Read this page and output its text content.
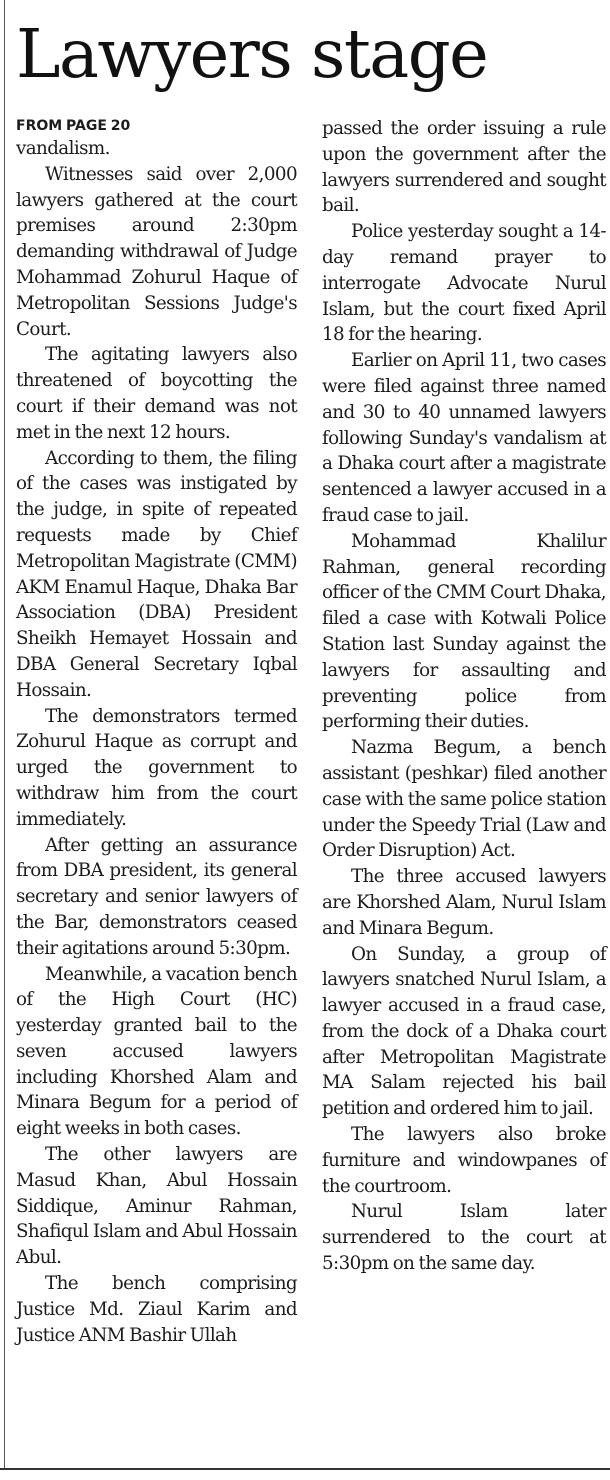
Lawyers stage

FROM PAGE 20

vandalism.

Witnesses said over 2,000 lawyers gathered at the court premises around 2:30pm demanding withdrawal of Judge Mohammad Zohurul Haque of Metropolitan Sessions Judge's Court.

The agitating lawyers also threatened of boycotting the court if their demand was not met in the next 12 hours.

According to them, the filing of the cases was instigated by the judge, in spite of repeated requests made by Chief Metropolitan Magistrate (CMM) AKM Enamul Haque, Dhaka Bar Association (DBA) President Sheikh Hemayet Hossain and DBA General Secretary Iqbal Hossain.

The demonstrators termed Zohurul Haque as corrupt and urged the government to withdraw him from the court immediately.

After getting an assurance from DBA president, its general secretary and senior lawyers of the Bar, demonstrators ceased their agitations around 5:30pm.

Meanwhile, a vacation bench of the High Court (HC) yesterday granted bail to the seven accused lawyers including Khorshed Alam and Minara Begum for a period of eight weeks in both cases.

The other lawyers are Masud Khan, Abul Hossain Siddique, Aminur Rahman, Shafiqul Islam and Abul Hossain Abul.

The bench comprising Justice Md. Ziaul Karim and Justice ANM Bashir Ullah

passed the order issuing a rule upon the government after the lawyers surrendered and sought bail.

Police yesterday sought a 14-day remand prayer to interrogate Advocate Nurul Islam, but the court fixed April 18 for the hearing.

Earlier on April 11, two cases were filed against three named and 30 to 40 unnamed lawyers following Sunday's vandalism at a Dhaka court after a magistrate sentenced a lawyer accused in a fraud case to jail.

Mohammad Khalilur Rahman, general recording officer of the CMM Court Dhaka, filed a case with Kotwali Police Station last Sunday against the lawyers for assaulting and preventing police from performing their duties.

Nazma Begum, a bench assistant (peshkar) filed another case with the same police station under the Speedy Trial (Law and Order Disruption) Act.

The three accused lawyers are Khorshed Alam, Nurul Islam and Minara Begum.

On Sunday, a group of lawyers snatched Nurul Islam, a lawyer accused in a fraud case, from the dock of a Dhaka court after Metropolitan Magistrate MA Salam rejected his bail petition and ordered him to jail.

The lawyers also broke furniture and windowpanes of the courtroom.

Nurul Islam later surrendered to the court at 5:30pm on the same day.
